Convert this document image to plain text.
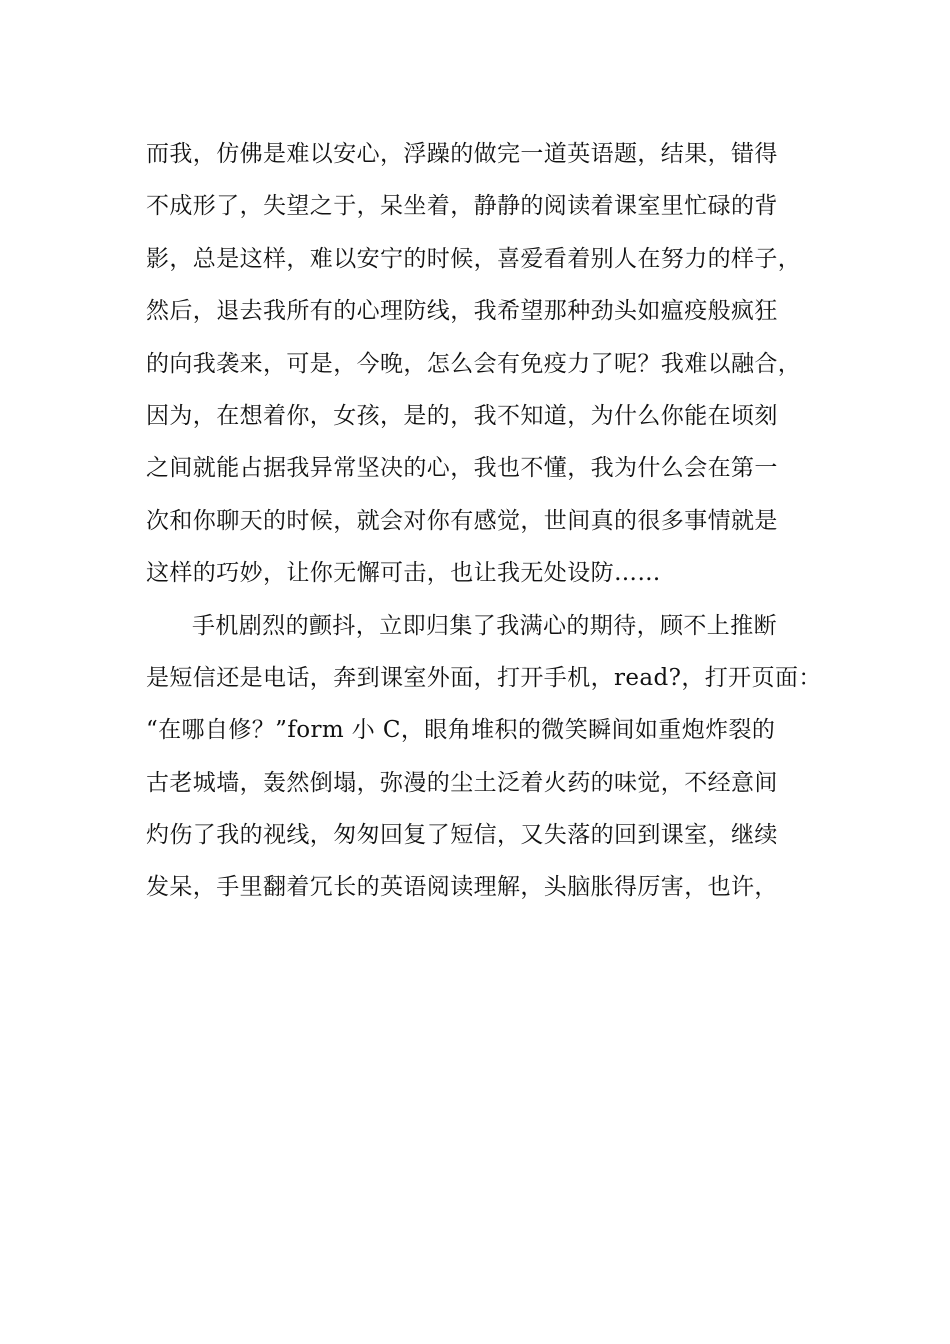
而我，仿佛是难以安心，浮躁的做完一道英语题，结果，错得
不成形了，失望之于，呆坐着，静静的阅读着课室里忙碌的背
影，总是这样，难以安宁的时候，喜爱看着别人在努力的样子，
然后，退去我所有的心理防线，我希望那种劲头如瘟疫般疯狂
的向我袭来，可是，今晚，怎么会有免疫力了呢？我难以融合，
因为，在想着你，女孩，是的，我不知道，为什么你能在顷刻
之间就能占据我异常坚决的心，我也不懂，我为什么会在第一
次和你聊天的时候，就会对你有感觉，世间真的很多事情就是
这样的巧妙，让你无懈可击，也让我无处设防……
手机剧烈的颤抖，立即归集了我满心的期待，顾不上推断
是短信还是电话，奔到课室外面，打开手机，read?，打开页面：
“在哪自修？”form 小 C，眼角堆积的微笑瞬间如重炮炸裂的
古老城墙，轰然倒塌，弥漫的尘土泛着火药的味觉，不经意间
灼伤了我的视线，匆匆回复了短信，又失落的回到课室，继续
发呆，手里翻着冗长的英语阅读理解，头脑胀得厉害，也许，
